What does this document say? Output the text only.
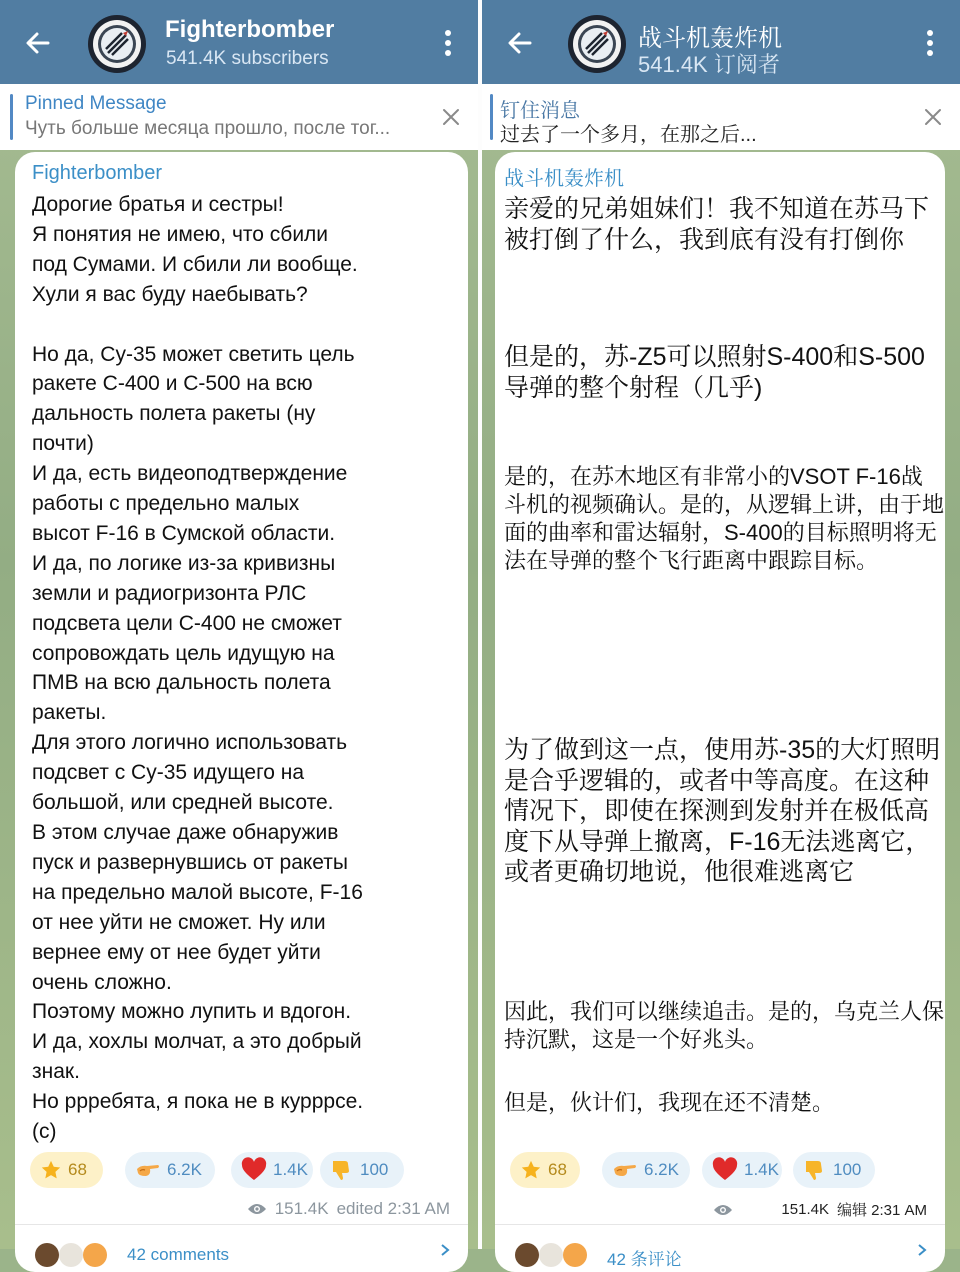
Fighterbomber
541.4K subscribers
Pinned Message
Чуть больше месяца прошло, после тог...
Fighterbomber
Дорогие братья и сестры!
Я понятия не имею, что сбили
под Сумами. И сбили ли вообще.
Хули я вас буду наебывать?
Но да, Су-35 может светить цель
ракете С-400 и С-500 на всю
дальность полета ракеты (ну
почти)
И да, есть видеоподтверждение
работы с предельно малых
высот F-16 в Сумской области.
И да, по логике из-за кривизны
земли и радиогризонта РЛС
подсвета цели С-400 не сможет
сопровождать цель идущую на
ПМВ на всю дальность полета
ракеты.
Для этого логично использовать
подсвет с Су-35 идущего на
большой, или средней высоте.
В этом случае даже обнаружив
пуск и развернувшись от ракеты
на предельно малой высоте, F-16
от нее уйти не сможет. Ну или
вернее ему от нее будет уйти
очень сложно.
Поэтому можно лупить и вдогон.
И да, хохлы молчат, а это добрый
знак.
Но ррребята, я пока не в курррсе.
(с)
68	6.2K	1.4K	100
151.4K edited 2:31 AM
42 comments
战斗机轰炸机
541.4K 订阅者
钉住消息
过去了一个多月，在那之后...
战斗机轰炸机
亲爱的兄弟姐妹们！我不知道在苏马下被打倒了什么，我到底有没有打倒你
但是的，苏-Z5可以照射S-400和S-500导弹的整个射程（几乎)
是的，在苏木地区有非常小的VSOT F-16战斗机的视频确认。是的，从逻辑上讲，由于地面的曲率和雷达辐射，S-400的目标照明将无法在导弹的整个飞行距离中跟踪目标。
为了做到这一点，使用苏-35的大灯照明是合乎逻辑的，或者中等高度。在这种情况下，即使在探测到发射并在极低高度下从导弹上撤离，F-16无法逃离它，或者更确切地说，他很难逃离它
因此，我们可以继续追击。是的，乌克兰人保持沉默，这是一个好兆头。
但是，伙计们，我现在还不清楚。
68	6.2K	1.4K	100
151.4K 编辑 2:31 AM
42 条评论
